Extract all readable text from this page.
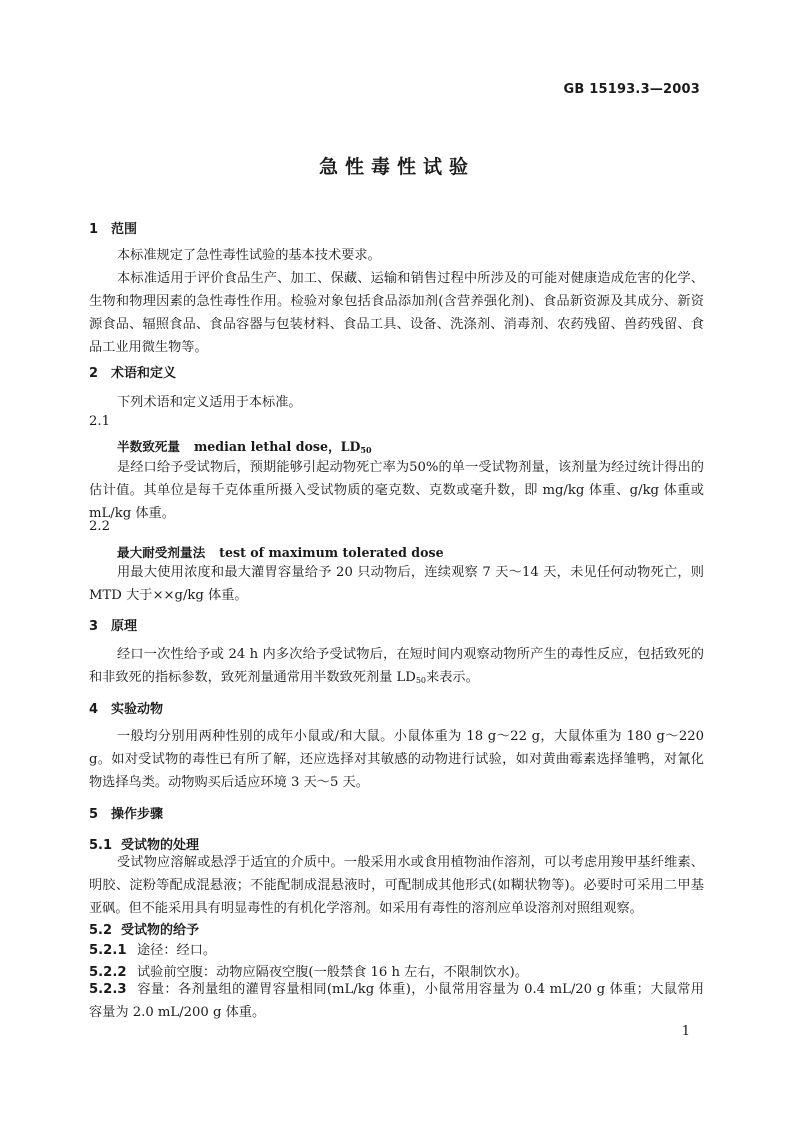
GB 15193.3—2003
急性毒性试验
1 范围
本标准规定了急性毒性试验的基本技术要求。
本标准适用于评价食品生产、加工、保藏、运输和销售过程中所涉及的可能对健康造成危害的化学、生物和物理因素的急性毒性作用。检验对象包括食品添加剂(含营养强化剂)、食品新资源及其成分、新资源食品、辐照食品、食品容器与包装材料、食品工具、设备、洗涤剂、消毒剂、农药残留、兽药残留、食品工业用微生物等。
2 术语和定义
下列术语和定义适用于本标准。
2.1
半数致死量 median lethal dose，$LD_{50}$
是经口给予受试物后，预期能够引起动物死亡率为50%的单一受试物剂量，该剂量为经过统计得出的估计值。其单位是每千克体重所摄入受试物质的毫克数、克数或毫升数，即 mg/kg 体重、g/kg 体重或 mL/kg 体重。
2.2
最大耐受剂量法 test of maximum tolerated dose
用最大使用浓度和最大灌胃容量给予 20 只动物后，连续观察 7 天～14 天，未见任何动物死亡，则 MTD 大于××g/kg 体重。
3 原理
经口一次性给予或 24 h 内多次给予受试物后，在短时间内观察动物所产生的毒性反应，包括致死的和非致死的指标参数，致死剂量通常用半数致死剂量 $LD_{50}$来表示。
4 实验动物
一般均分别用两种性别的成年小鼠或/和大鼠。小鼠体重为 18 g～22 g，大鼠体重为 180 g～220 g。如对受试物的毒性已有所了解，还应选择对其敏感的动物进行试验，如对黄曲霉素选择雏鸭，对氰化物选择鸟类。动物购买后适应环境 3 天～5 天。
5 操作步骤
5.1 受试物的处理
受试物应溶解或悬浮于适宜的介质中。一般采用水或食用植物油作溶剂，可以考虑用羧甲基纤维素、明胶、淀粉等配成混悬液；不能配制成混悬液时，可配制成其他形式(如糊状物等)。必要时可采用二甲基亚砜。但不能采用具有明显毒性的有机化学溶剂。如采用有毒性的溶剂应单设溶剂对照组观察。
5.2 受试物的给予
5.2.1 途径：经口。
5.2.2 试验前空腹：动物应隔夜空腹(一般禁食 16 h 左右，不限制饮水)。
5.2.3 容量：各剂量组的灌胃容量相同(mL/kg 体重)，小鼠常用容量为 0.4 mL/20 g 体重；大鼠常用容量为 2.0 mL/200 g 体重。
1
